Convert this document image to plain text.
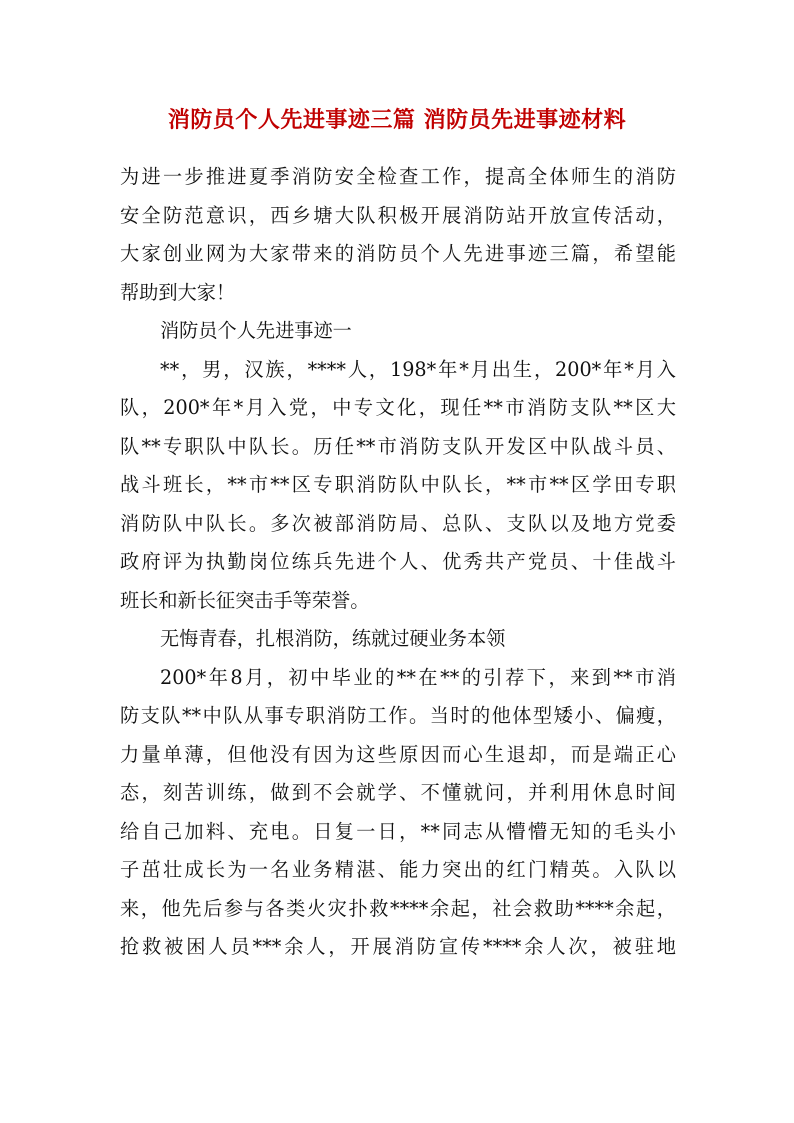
消防员个人先进事迹三篇 消防员先进事迹材料
为进一步推进夏季消防安全检查工作，提高全体师生的消防
安全防范意识，西乡塘大队积极开展消防站开放宣传活动，
大家创业网为大家带来的消防员个人先进事迹三篇，希望能
帮助到大家！
消防员个人先进事迹一
**，男，汉族，****人，198*年*月出生，200*年*月入
队，200*年*月入党，中专文化，现任**市消防支队**区大
队**专职队中队长。历任**市消防支队开发区中队战斗员、
战斗班长，**市**区专职消防队中队长，**市**区学田专职
消防队中队长。多次被部消防局、总队、支队以及地方党委
政府评为执勤岗位练兵先进个人、优秀共产党员、十佳战斗
班长和新长征突击手等荣誉。
无悔青春，扎根消防，练就过硬业务本领
200*年8月，初中毕业的**在**的引荐下，来到**市消
防支队**中队从事专职消防工作。当时的他体型矮小、偏瘦，
力量单薄，但他没有因为这些原因而心生退却，而是端正心
态，刻苦训练，做到不会就学、不懂就问，并利用休息时间
给自己加料、充电。日复一日，**同志从懵懵无知的毛头小
子茁壮成长为一名业务精湛、能力突出的红门精英。入队以
来，他先后参与各类火灾扑救****余起，社会救助****余起，
抢救被困人员***余人，开展消防宣传****余人次，被驻地
